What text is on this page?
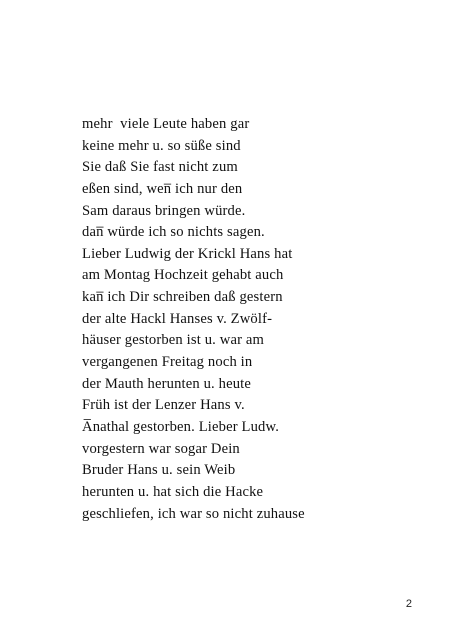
mehr  viele Leute haben gar
keine mehr u. so süße sind
Sie daß Sie fast nicht zum
eßen sind, wen̅ ich nur den
Sam daraus bringen würde.
dan̅ würde ich so nichts sagen.
Lieber Ludwig der Krickl Hans hat
am Montag Hochzeit gehabt auch
kan̅ ich Dir schreiben daß gestern
der alte Hackl Hanses v. Zwölf-
häuser gestorben ist u. war am
vergangenen Freitag noch in
der Mauth herunten u. heute
Früh ist der Lenzer Hans v.
A̅nathal gestorben. Lieber Ludw.
vorgestern war sogar Dein
Bruder Hans u. sein Weib
herunten u. hat sich die Hacke
geschliefen, ich war so nicht zuhause
2
